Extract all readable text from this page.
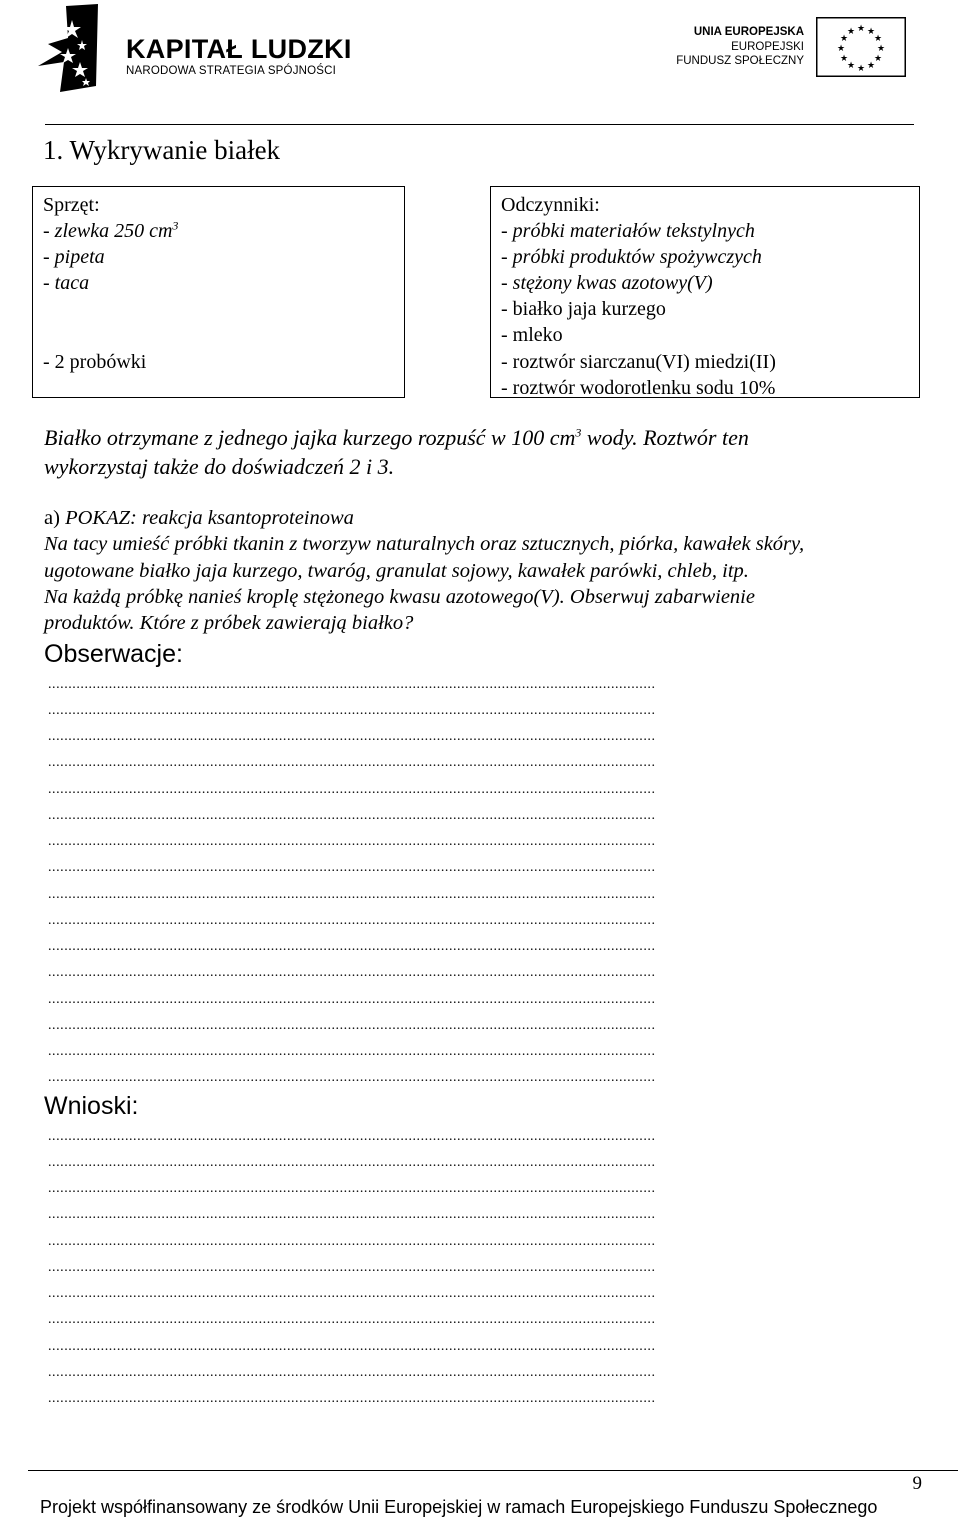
KAPITAŁ LUDZKI
NARODOWA STRATEGIA SPÓJNOŚCI
UNIA EUROPEJSKA
EUROPEJSKI
FUNDUSZ SPOŁECZNY
★ ★
★
★
★
★
★
★
★
★
★
★
1. Wykrywanie białek
Sprzęt:
- zlewka 250 $cm^3$
- pipeta
- taca
- 2 probówki
Odczynniki:
- próbki materiałów tekstylnych
- próbki produktów spożywczych
- stężony kwas azotowy(V)
- białko jaja kurzego
- mleko
- roztwór siarczanu(VI) miedzi(II)
- roztwór wodorotlenku sodu 10%
Białko otrzymane z jednego jajka kurzego rozpuść w 100 $cm^3$ wody. Roztwór ten
wykorzystaj także do doświadczeń 2 i 3.
a) POKAZ: reakcja ksantoproteinowa
Na tacy umieść próbki tkanin z tworzyw naturalnych oraz sztucznych, piórka, kawałek skóry,
ugotowane białko jaja kurzego, twaróg, granulat sojowy, kawałek parówki, chleb, itp.
Na każdą próbkę nanieś kroplę stężonego kwasu azotowego(V). Obserwuj zabarwienie
produktów. Które z próbek zawierają białko?
Obserwacje:
......................................................................................................................................................
......................................................................................................................................................
......................................................................................................................................................
......................................................................................................................................................
......................................................................................................................................................
......................................................................................................................................................
......................................................................................................................................................
......................................................................................................................................................
......................................................................................................................................................
......................................................................................................................................................
......................................................................................................................................................
......................................................................................................................................................
......................................................................................................................................................
......................................................................................................................................................
......................................................................................................................................................
......................................................................................................................................................
Wnioski:
......................................................................................................................................................
......................................................................................................................................................
......................................................................................................................................................
......................................................................................................................................................
......................................................................................................................................................
......................................................................................................................................................
......................................................................................................................................................
......................................................................................................................................................
......................................................................................................................................................
......................................................................................................................................................
......................................................................................................................................................
9
Projekt współfinansowany ze środków Unii Europejskiej w ramach Europejskiego Funduszu Społecznego
